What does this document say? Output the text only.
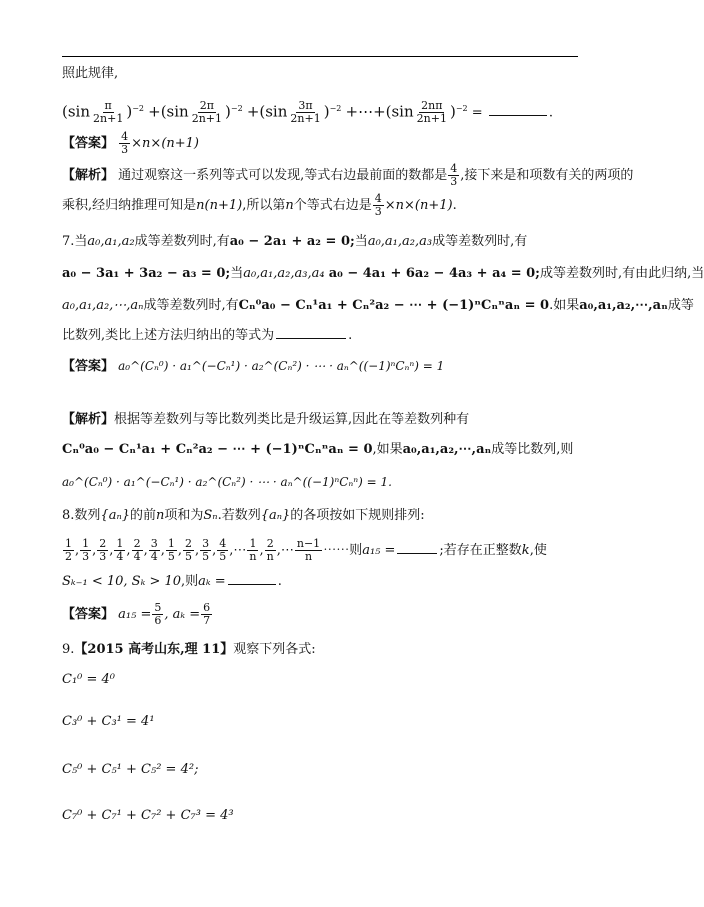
照此规律,
$(\sin \frac{\pi}{2n+1} )^{-2} +(\sin \frac{2\pi}{2n+1} )^{-2} +(\sin \frac{3\pi}{2n+1} )^{-2}$ +⋯+(sin $\frac{2n\pi}{2n+1} )^{-2}$ =	.
【答案】 $\frac{4}{3} \times n\times(n+1)$
【解析】 通过观察这一系列等式可以发现,等式右边最前面的数都是 $\frac{4}{3}$ ,接下来是和项数有关的两项的
乘积,经归纳推理可知是n(n+1),所以第n个等式右边是 $\frac{4}{3} \times n\times(n+1)$.
7.当a₀,a₁,a₂成等差数列时,有a₀ − 2a₁ + a₂ = 0;当a₀,a₁,a₂,a₃成等差数列时,有
a₀ − 3a₁ + 3a₂ − a₃ = 0;当a₀,a₁,a₂,a₃,a₄ a₀ − 4a₁ + 6a₂ − 4a₃ + a₄ = 0;成等差数列时,有由此归纳,当
a₀,a₁,a₂,⋯,aₙ成等差数列时,有Cₙ⁰a₀ − Cₙ¹a₁ + Cₙ²a₂ − ⋯ + (−1)ⁿCₙⁿaₙ = 0.如果a₀,a₁,a₂,⋯,aₙ成等
比数列,类比上述方法归纳出的等式为	.
【答案】 a₀^(Cₙ⁰) · a₁^(−Cₙ¹) · a₂^(Cₙ²) · ⋯ · aₙ^((−1)ⁿCₙⁿ) = 1
【解析】根据等差数列与等比数列类比是升级运算,因此在等差数列种有
Cₙ⁰a₀ − Cₙ¹a₁ + Cₙ²a₂ − ⋯ + (−1)ⁿCₙⁿaₙ = 0,如果a₀,a₁,a₂,⋯,aₙ成等比数列,则
a₀^(Cₙ⁰) · a₁^(−Cₙ¹) · a₂^(Cₙ²) · ⋯ · aₙ^((−1)ⁿCₙⁿ) = 1.
8.数列{aₙ}的前n项和为Sₙ.若数列{aₙ}的各项按如下规则排列:
$\frac{1}{2}$ , $\frac{1}{3}$ , $\frac{2}{3}$ , $\frac{1}{4}$ , $\frac{2}{4}$ , $\frac{3}{4}$ , $\frac{1}{5}$ , $\frac{2}{5}$ , $\frac{3}{5}$ , $\frac{4}{5}$ ,⋯ $\frac{1}{n}$ , $\frac{2}{n}$ ,⋯ $\frac{n-1}{n}$ ⋯⋯则a₁₅ =	;若存在正整数k,使
Sₖ₋₁ < 10, Sₖ > 10,则aₖ =	.
【答案】 $a_{15} = \frac{5}{6}$ , $a_k = \frac{6}{7}$
9.【2015 高考山东,理 11】观察下列各式:
C₁⁰ = 4⁰
C₃⁰ + C₃¹ = 4¹
C₅⁰ + C₅¹ + C₅² = 4²;
C₇⁰ + C₇¹ + C₇² + C₇³ = 4³
